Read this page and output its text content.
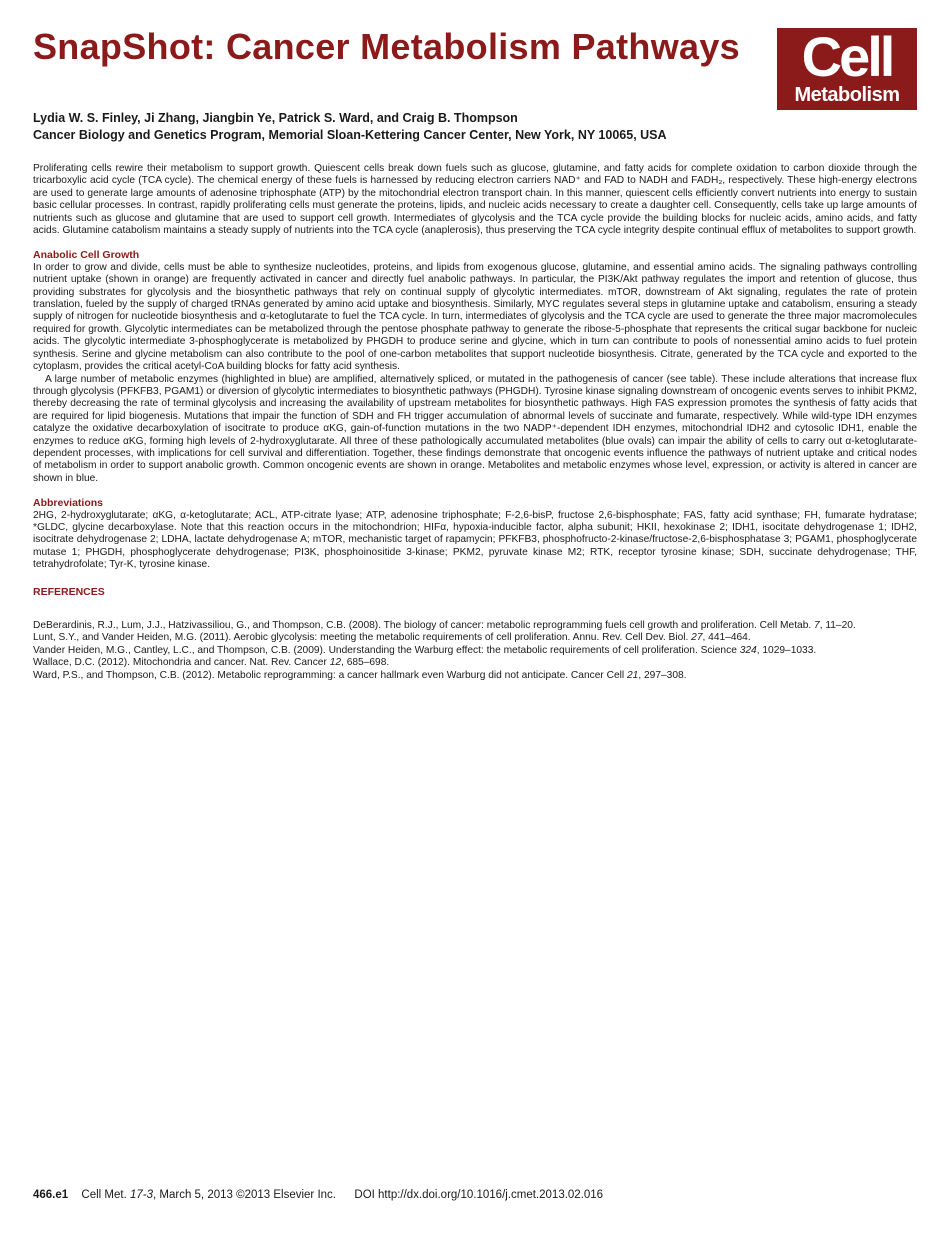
SnapShot: Cancer Metabolism Pathways	Cell
Metabolism
Lydia W. S. Finley, Ji Zhang, Jiangbin Ye, Patrick S. Ward, and Craig B. Thompson
Cancer Biology and Genetics Program, Memorial Sloan-Kettering Cancer Center, New York, NY 10065, USA

Proliferating cells rewire their metabolism to support growth. Quiescent cells break down fuels such as glucose, glutamine, and fatty acids for complete oxidation to carbon dioxide through the tricarboxylic acid cycle (TCA cycle). The chemical energy of these fuels is harnessed by reducing electron carriers NAD⁺ and FAD to NADH and FADH₂, respectively. These high-energy electrons are used to generate large amounts of adenosine triphosphate (ATP) by the mitochondrial electron transport chain. In this manner, quiescent cells efficiently convert nutrients into energy to sustain basic cellular processes. In contrast, rapidly proliferating cells must generate the proteins, lipids, and nucleic acids necessary to create a daughter cell. Consequently, cells take up large amounts of nutrients such as glucose and glutamine that are used to support cell growth. Intermediates of glycolysis and the TCA cycle provide the building blocks for nucleic acids, amino acids, and fatty acids. Glutamine catabolism maintains a steady supply of nutrients into the TCA cycle (anaplerosis), thus preserving the TCA cycle integrity despite continual efflux of metabolites to support growth.

Anabolic Cell Growth

In order to grow and divide, cells must be able to synthesize nucleotides, proteins, and lipids from exogenous glucose, glutamine, and essential amino acids. The signaling pathways controlling nutrient uptake (shown in orange) are frequently activated in cancer and directly fuel anabolic pathways. In particular, the PI3K/Akt pathway regulates the import and retention of glucose, thus providing substrates for glycolysis and the biosynthetic pathways that rely on continual supply of glycolytic intermediates. mTOR, downstream of Akt signaling, regulates the rate of protein translation, fueled by the supply of charged tRNAs generated by amino acid uptake and biosynthesis. Similarly, MYC regulates several steps in glutamine uptake and catabolism, ensuring a steady supply of nitrogen for nucleotide biosynthesis and α-ketoglutarate to fuel the TCA cycle. In turn, intermediates of glycolysis and the TCA cycle are used to generate the three major macromolecules required for growth. Glycolytic intermediates can be metabolized through the pentose phosphate pathway to generate the ribose-5-phosphate that represents the critical sugar backbone for nucleic acids. The glycolytic intermediate 3-phosphoglycerate is metabolized by PHGDH to produce serine and glycine, which in turn can contribute to pools of nonessential amino acids to fuel protein synthesis. Serine and glycine metabolism can also contribute to the pool of one-carbon metabolites that support nucleotide biosynthesis. Citrate, generated by the TCA cycle and exported to the cytoplasm, provides the critical acetyl-CoA building blocks for fatty acid synthesis.

A large number of metabolic enzymes (highlighted in blue) are amplified, alternatively spliced, or mutated in the pathogenesis of cancer (see table). These include alterations that increase flux through glycolysis (PFKFB3, PGAM1) or diversion of glycolytic intermediates to biosynthetic pathways (PHGDH). Tyrosine kinase signaling downstream of oncogenic events serves to inhibit PKM2, thereby decreasing the rate of terminal glycolysis and increasing the availability of upstream metabolites for biosynthetic pathways. High FAS expression promotes the synthesis of fatty acids that are required for lipid biogenesis. Mutations that impair the function of SDH and FH trigger accumulation of abnormal levels of succinate and fumarate, respectively. While wild-type IDH enzymes catalyze the oxidative decarboxylation of isocitrate to produce αKG, gain-of-function mutations in the two NADP⁺-dependent IDH enzymes, mitochondrial IDH2 and cytosolic IDH1, enable the enzymes to reduce αKG, forming high levels of 2-hydroxyglutarate. All three of these pathologically accumulated metabolites (blue ovals) can impair the ability of cells to carry out α-ketoglutarate-dependent processes, with implications for cell survival and differentiation. Together, these findings demonstrate that oncogenic events influence the pathways of nutrient uptake and critical nodes of metabolism in order to support anabolic growth. Common oncogenic events are shown in orange. Metabolites and metabolic enzymes whose level, expression, or activity is altered in cancer are shown in blue.

Abbreviations

2HG, 2-hydroxyglutarate; αKG, α-ketoglutarate; ACL, ATP-citrate lyase; ATP, adenosine triphosphate; F-2,6-bisP, fructose 2,6-bisphosphate; FAS, fatty acid synthase; FH, fumarate hydratase; *GLDC, glycine decarboxylase. Note that this reaction occurs in the mitochondrion; HIFα, hypoxia-inducible factor, alpha subunit; HKII, hexokinase 2; IDH1, isocitate dehydrogenase 1; IDH2, isocitrate dehydrogenase 2; LDHA, lactate dehydrogenase A; mTOR, mechanistic target of rapamycin; PFKFB3, phosphofructo-2-kinase/fructose-2,6-bisphosphatase 3; PGAM1, phosphoglycerate mutase 1; PHGDH, phosphoglycerate dehydrogenase; PI3K, phosphoinositide 3-kinase; PKM2, pyruvate kinase M2; RTK, receptor tyrosine kinase; SDH, succinate dehydrogenase; THF, tetrahydrofolate; Tyr-K, tyrosine kinase.

REFERENCES

DeBerardinis, R.J., Lum, J.J., Hatzivassiliou, G., and Thompson, C.B. (2008). The biology of cancer: metabolic reprogramming fuels cell growth and proliferation. Cell Metab. 7, 11–20.

Lunt, S.Y., and Vander Heiden, M.G. (2011). Aerobic glycolysis: meeting the metabolic requirements of cell proliferation. Annu. Rev. Cell Dev. Biol. 27, 441–464.

Vander Heiden, M.G., Cantley, L.C., and Thompson, C.B. (2009). Understanding the Warburg effect: the metabolic requirements of cell proliferation. Science 324, 1029–1033.

Wallace, D.C. (2012). Mitochondria and cancer. Nat. Rev. Cancer 12, 685–698.

Ward, P.S., and Thompson, C.B. (2012). Metabolic reprogramming: a cancer hallmark even Warburg did not anticipate. Cancer Cell 21, 297–308.

466.e1 Cell Met. 17-3, March 5, 2013 ©2013 Elsevier Inc. DOI http://dx.doi.org/10.1016/j.cmet.2013.02.016
